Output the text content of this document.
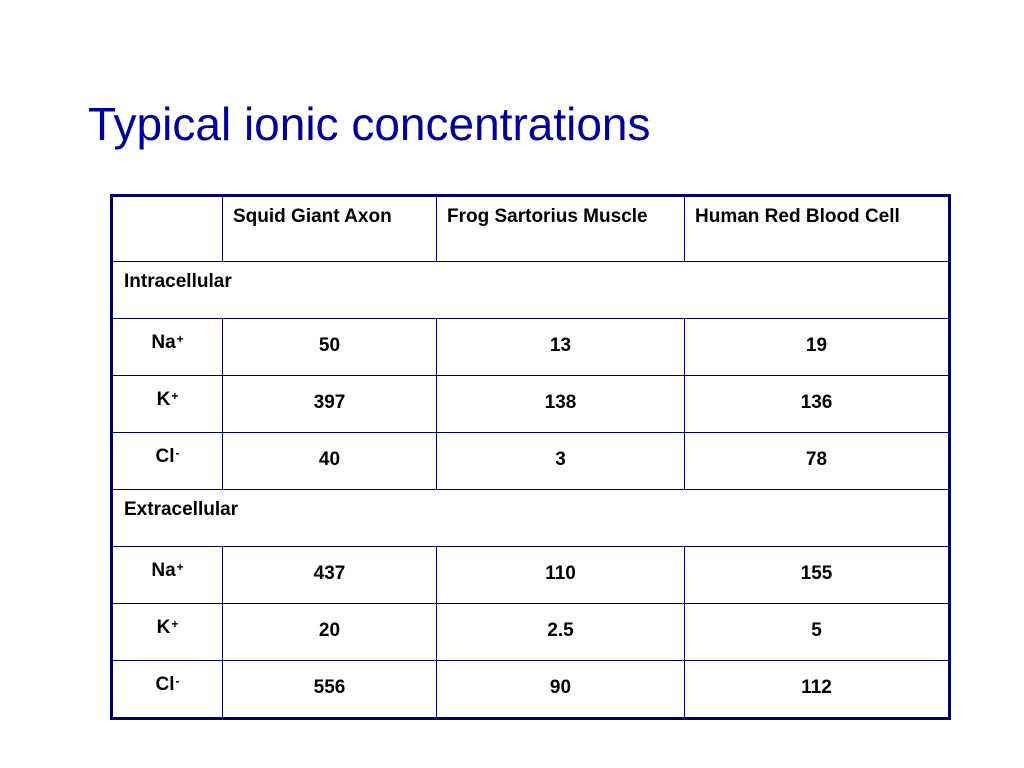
Typical ionic concentrations

	Squid Giant Axon	Frog Sartorius Muscle	Human Red Blood Cell

Intracellular			

Na+	50	13	19

K+	397	138	136

Cl-	40	3	78

Extracellular			

Na+	437	110	155

K+	20	2.5	5

Cl-	556	90	112
